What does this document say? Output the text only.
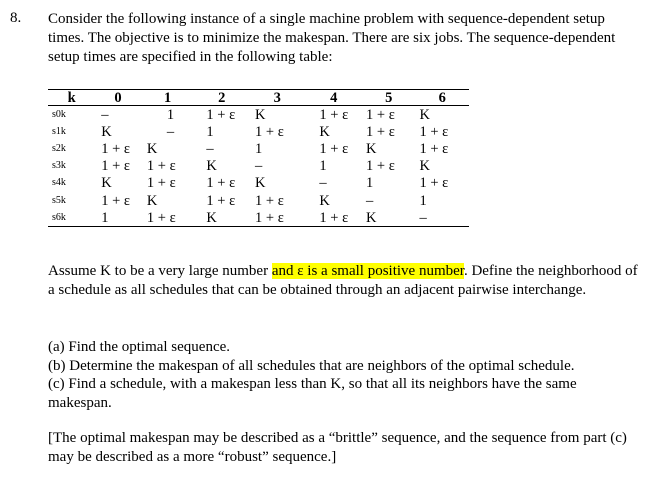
8. Consider the following instance of a single machine problem with sequence-dependent setup times. The objective is to minimize the makespan. There are six jobs. The sequence-dependent setup times are specified in the following table:
k	0	1	2	3	4	5	6
s0k	–	1	1 + ε	K	1 + ε	1 + ε	K
s1k	K	–	1	1 + ε	K	1 + ε	1 + ε
s2k	1 + ε	K	–	1	1 + ε	K	1 + ε
s3k	1 + ε	1 + ε	K	–	1	1 + ε	K
s4k	K	1 + ε	1 + ε	K	–	1	1 + ε
s5k	1 + ε	K	1 + ε	1 + ε	K	–	1
s6k	1	1 + ε	K	1 + ε	1 + ε	K	–
Assume K to be a very large number and ε is a small positive number. Define the neighborhood of a schedule as all schedules that can be obtained through an adjacent pairwise interchange.
(a) Find the optimal sequence.
(b) Determine the makespan of all schedules that are neighbors of the optimal schedule.
(c) Find a schedule, with a makespan less than K, so that all its neighbors have the same
makespan.
[The optimal makespan may be described as a “brittle” sequence, and the sequence from part (c) may be described as a more “robust” sequence.]
